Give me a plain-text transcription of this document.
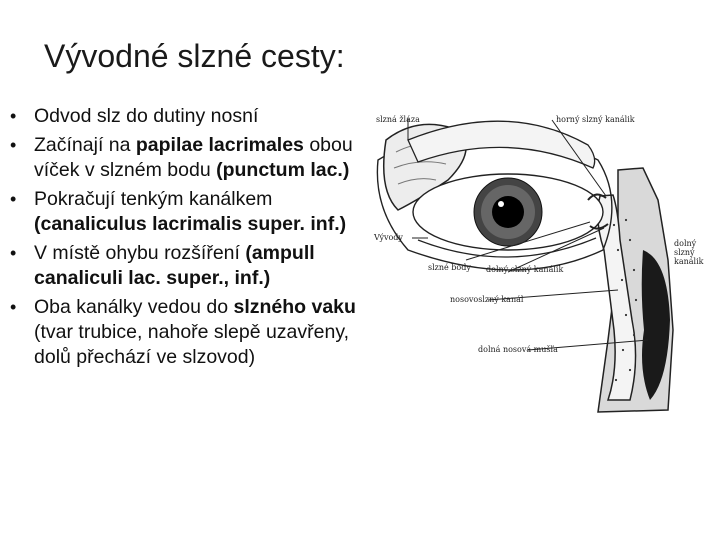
Vývodné slzné cesty:
• Odvod slz do dutiny nosní
• Začínají na papilae lacrimales obou víček v slzném bodu (punctum lac.)
• Pokračují tenkým kanálkem (canaliculus lacrimalis super. inf.)
• V místě ohybu rozšíření (ampull canaliculi lac. super., inf.)
• Oba kanálky vedou do slzného vaku (tvar trubice, nahoře slepě uzavřeny, dolů přechází ve slzovod)
slzná žláza	horný slzný kanálik
Vývody
slzné body dolný slzný kanálik
dolný slzný kanálik
nosovoslzný kanál
dolná nosová mušľa
